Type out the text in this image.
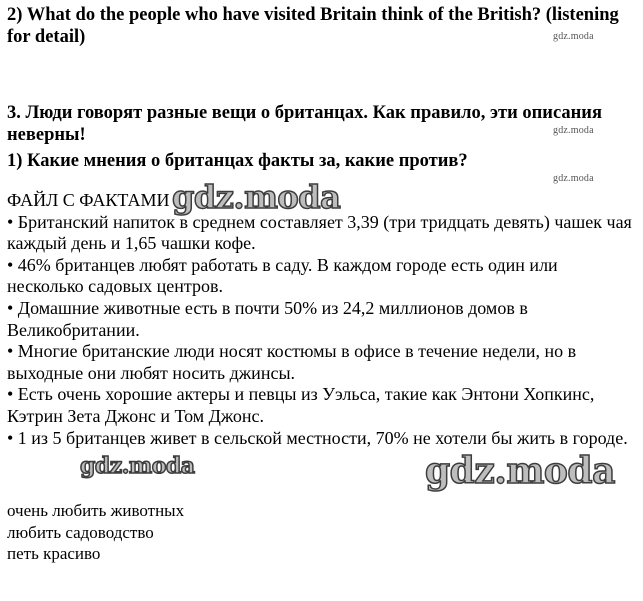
2) What do the people who have visited Britain think of the British? (listening for detail)

3. Люди говорят разные вещи о британцах. Как правило, эти описания неверны!

1) Какие мнения о британцах факты за, какие против?

ФАЙЛ С ФАКТАМИ

• Британский напиток в среднем составляет 3,39 (три тридцать девять) чашек чая каждый день и 1,65 чашки кофе.

• 46% британцев любят работать в саду. В каждом городе есть один или несколько садовых центров.

• Домашние животные есть в почти 50% из 24,2 миллионов домов в Великобритании.

• Многие британские люди носят костюмы в офисе в течение недели, но в выходные они любят носить джинсы.

• Есть очень хорошие актеры и певцы из Уэльса, такие как Энтони Хопкинс, Кэтрин Зета Джонс и Том Джонс.

• 1 из 5 британцев живет в сельской местности, 70% не хотели бы жить в городе.

очень любить животных
любить садоводство
петь красиво
gdz.moda
gdz.moda
gdz.moda
gdz.moda
gdz.moda	gdz.moda
